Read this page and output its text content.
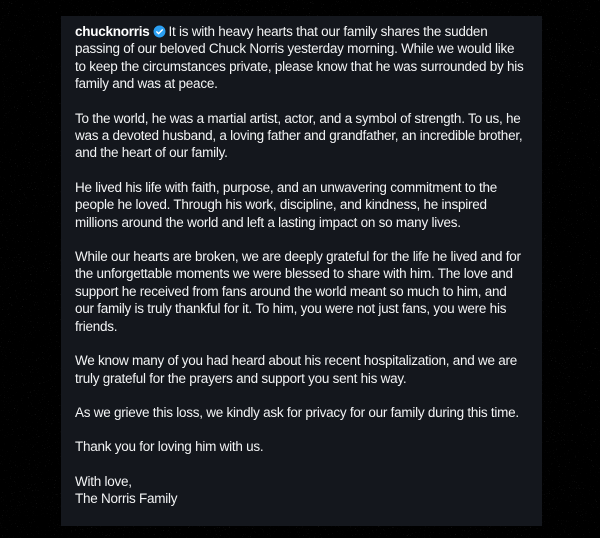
chucknorris It is with heavy hearts that our family shares the sudden passing of our beloved Chuck Norris yesterday morning. While we would like to keep the circumstances private, please know that he was surrounded by his family and was at peace.

To the world, he was a martial artist, actor, and a symbol of strength. To us, he was a devoted husband, a loving father and grandfather, an incredible brother, and the heart of our family.

He lived his life with faith, purpose, and an unwavering commitment to the people he loved. Through his work, discipline, and kindness, he inspired millions around the world and left a lasting impact on so many lives.

While our hearts are broken, we are deeply grateful for the life he lived and for the unforgettable moments we were blessed to share with him. The love and support he received from fans around the world meant so much to him, and our family is truly thankful for it. To him, you were not just fans, you were his friends.

We know many of you had heard about his recent hospitalization, and we are truly grateful for the prayers and support you sent his way.

As we grieve this loss, we kindly ask for privacy for our family during this time.

Thank you for loving him with us.

With love,
The Norris Family
